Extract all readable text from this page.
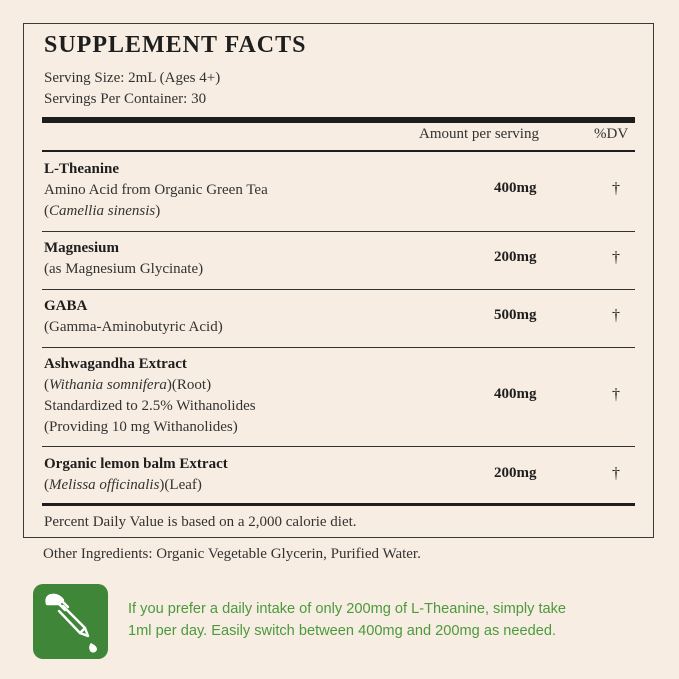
SUPPLEMENT FACTS
Serving Size: 2mL (Ages 4+)
Servings Per Container: 30
Amount per serving	%DV
L-Theanine
Amino Acid from Organic Green Tea
(Camellia sinensis)
400mg	†
Magnesium
(as Magnesium Glycinate)
200mg	†
GABA
(Gamma-Aminobutyric Acid)
500mg	†
Ashwagandha Extract
(Withania somnifera)(Root)
Standardized to 2.5% Withanolides
(Providing 10 mg Withanolides)
400mg	†
Organic lemon balm Extract
(Melissa officinalis)(Leaf)
200mg	†
Percent Daily Value is based on a 2,000 calorie diet.
Other Ingredients: Organic Vegetable Glycerin, Purified Water.
If you prefer a daily intake of only 200mg of L-Theanine, simply take
1ml per day. Easily switch between 400mg and 200mg as needed.
